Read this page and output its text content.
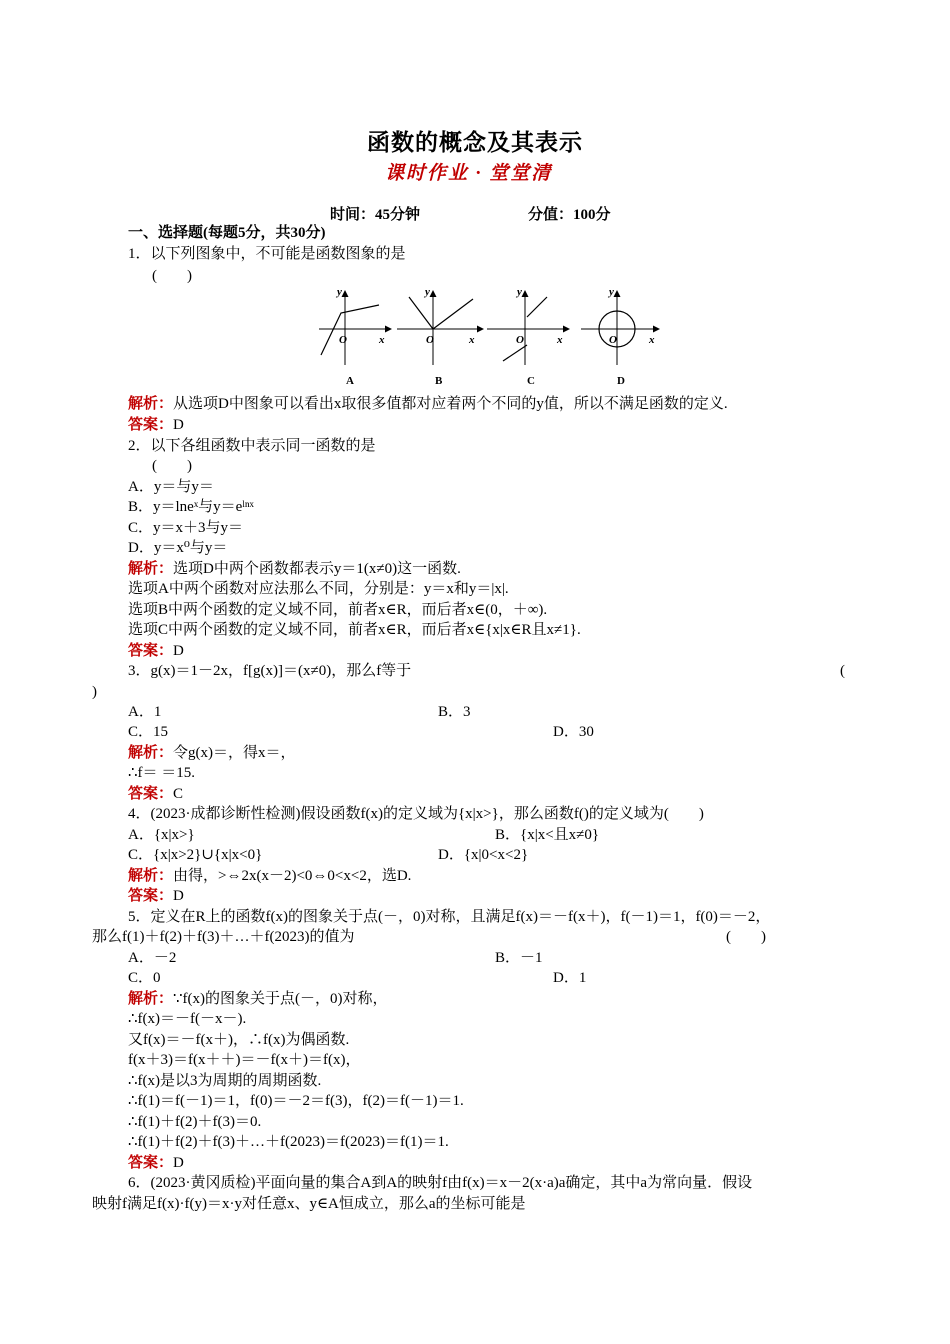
函数的概念及其表示
课时作业 · 堂堂清
时间：45分钟	分值：100分
一、选择题(每题5分，共30分)
1．以下列图象中，不可能是函数图象的是
(　　)
y
O	x
A
y
O	x
B
y
O	x
C
y
O	x
D
解析：从选项D中图象可以看出x取很多值都对应着两个不同的y值，所以不满足函数的定义.
答案：D
2．以下各组函数中表示同一函数的是
(　　)
A．y＝与y＝
B．y＝lneˣ与y＝eˡⁿˣ
C．y＝x＋3与y＝
D．y＝x⁰与y＝
解析：选项D中两个函数都表示y＝1(x≠0)这一函数.
选项A中两个函数对应法那么不同，分别是：y＝x和y＝|x|.
选项B中两个函数的定义域不同，前者x∈R，而后者x∈(0，＋∞).
选项C中两个函数的定义域不同，前者x∈R，而后者x∈{x|x∈R且x≠1}.
答案：D
3．g(x)＝1－2x，f[g(x)]＝(x≠0)，那么f等于	(
)
A．1	B．3
C．15	D．30
解析：令g(x)＝，得x＝，
∴f＝ ＝15.
答案：C
4．(2023·成都诊断性检测)假设函数f(x)的定义域为{x|x>}，那么函数f()的定义域为(　　)
A．{x|x>}	B．{x|x<且x≠0}
C．{x|x>2}∪{x|x<0}	D．{x|0<x<2}
解析：由得，>⇔2x(x－2)<0⇔0<x<2，选D.
答案：D
5．定义在R上的函数f(x)的图象关于点(－，0)对称，且满足f(x)＝－f(x＋)，f(－1)＝1，f(0)＝－2，
那么f(1)＋f(2)＋f(3)＋…＋f(2023)的值为	(　　)
A．－2	B．－1
C．0	D．1
解析：∵f(x)的图象关于点(－，0)对称，
∴f(x)＝－f(－x－).
又f(x)＝－f(x＋)，∴f(x)为偶函数.
f(x＋3)＝f(x＋＋)＝－f(x＋)＝f(x)，
∴f(x)是以3为周期的周期函数.
∴f(1)＝f(－1)＝1，f(0)＝－2＝f(3)，f(2)＝f(－1)＝1.
∴f(1)＋f(2)＋f(3)＝0.
∴f(1)＋f(2)＋f(3)＋…＋f(2023)＝f(2023)＝f(1)＝1.
答案：D
6．(2023·黄冈质检)平面向量的集合A到A的映射f由f(x)＝x－2(x·a)a确定，其中a为常向量．假设
映射f满足f(x)·f(y)＝x·y对任意x、y∈A恒成立，那么a的坐标可能是
